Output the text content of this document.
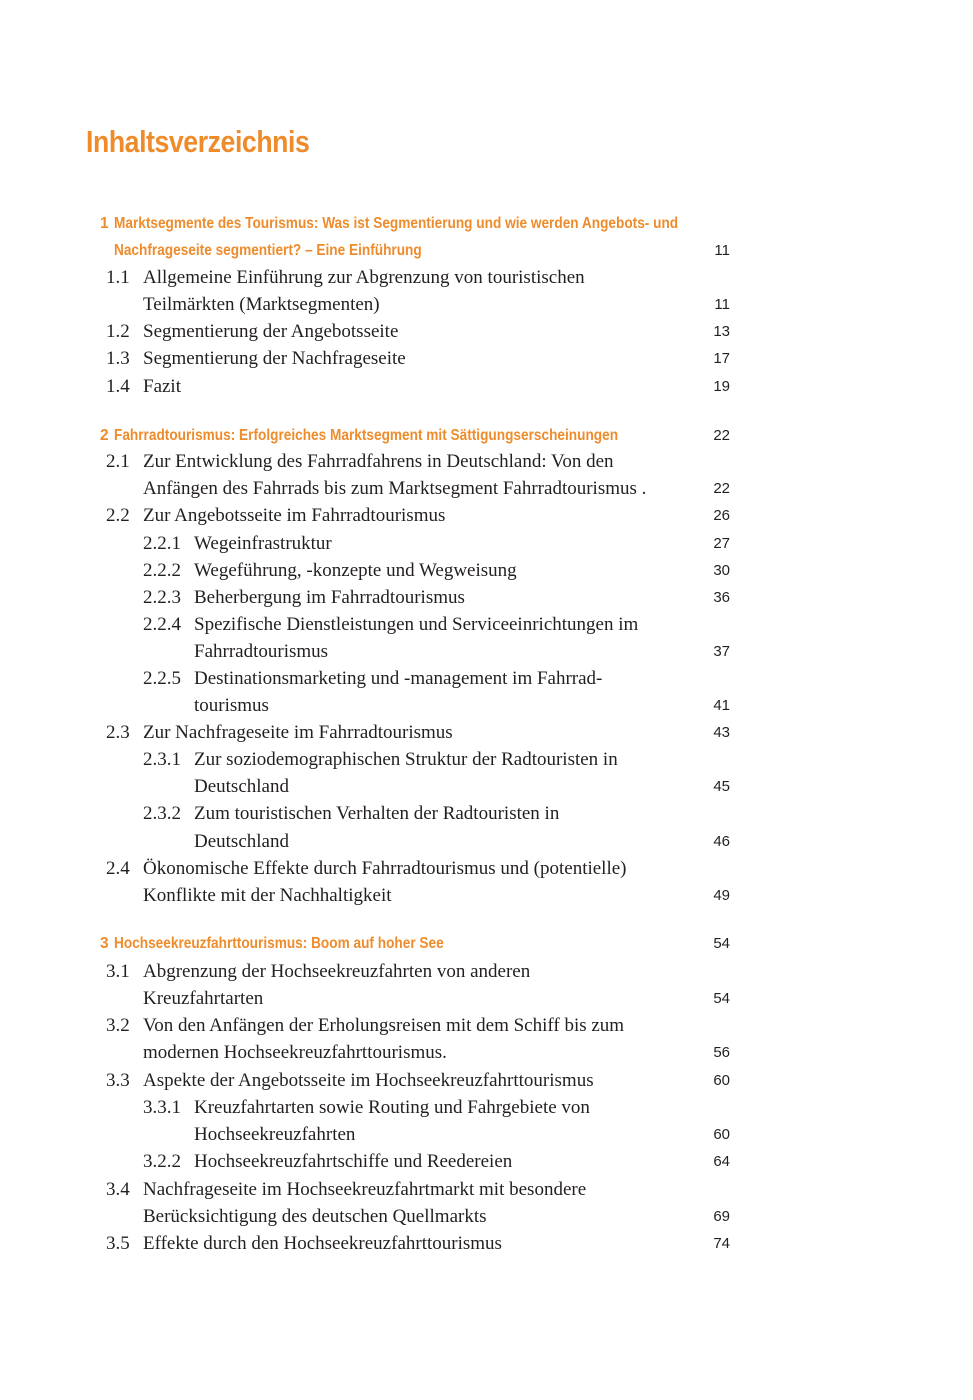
Inhaltsverzeichnis
1 Marktsegmente des Tourismus: Was ist Segmentierung und wie werden Angebots- und
Nachfrageseite segmentiert? – Eine Einführung	11
1.1 Allgemeine Einführung zur Abgrenzung von touristischen
Teilmärkten (Marktsegmenten)	11
1.2 Segmentierung der Angebotsseite	13
1.3 Segmentierung der Nachfrageseite	17
1.4 Fazit	19
2 Fahrradtourismus: Erfolgreiches Marktsegment mit Sättigungserscheinungen	22
2.1 Zur Entwicklung des Fahrradfahrens in Deutschland: Von den
Anfängen des Fahrrads bis zum Marktsegment Fahrradtourismus .	22
2.2 Zur Angebotsseite im Fahrradtourismus	26
2.2.1 Wegeinfrastruktur	27
2.2.2 Wegeführung, -konzepte und Wegweisung	30
2.2.3 Beherbergung im Fahrradtourismus	36
2.2.4 Spezifische Dienstleistungen und Serviceeinrichtungen im
Fahrradtourismus	37
2.2.5 Destinationsmarketing und -management im Fahrrad-
tourismus	41
2.3 Zur Nachfrageseite im Fahrradtourismus	43
2.3.1 Zur soziodemographischen Struktur der Radtouristen in
Deutschland	45
2.3.2 Zum touristischen Verhalten der Radtouristen in
Deutschland	46
2.4 Ökonomische Effekte durch Fahrradtourismus und (potentielle)
Konflikte mit der Nachhaltigkeit	49
3 Hochseekreuzfahrttourismus: Boom auf hoher See	54
3.1 Abgrenzung der Hochseekreuzfahrten von anderen
Kreuzfahrtarten	54
3.2 Von den Anfängen der Erholungsreisen mit dem Schiff bis zum
modernen Hochseekreuzfahrttourismus.	56
3.3 Aspekte der Angebotsseite im Hochseekreuzfahrttourismus	60
3.3.1 Kreuzfahrtarten sowie Routing und Fahrgebiete von
Hochseekreuzfahrten	60
3.2.2 Hochseekreuzfahrtschiffe und Reedereien	64
3.4 Nachfrageseite im Hochseekreuzfahrtmarkt mit besondere
Berücksichtigung des deutschen Quellmarkts	69
3.5 Effekte durch den Hochseekreuzfahrttourismus	74
